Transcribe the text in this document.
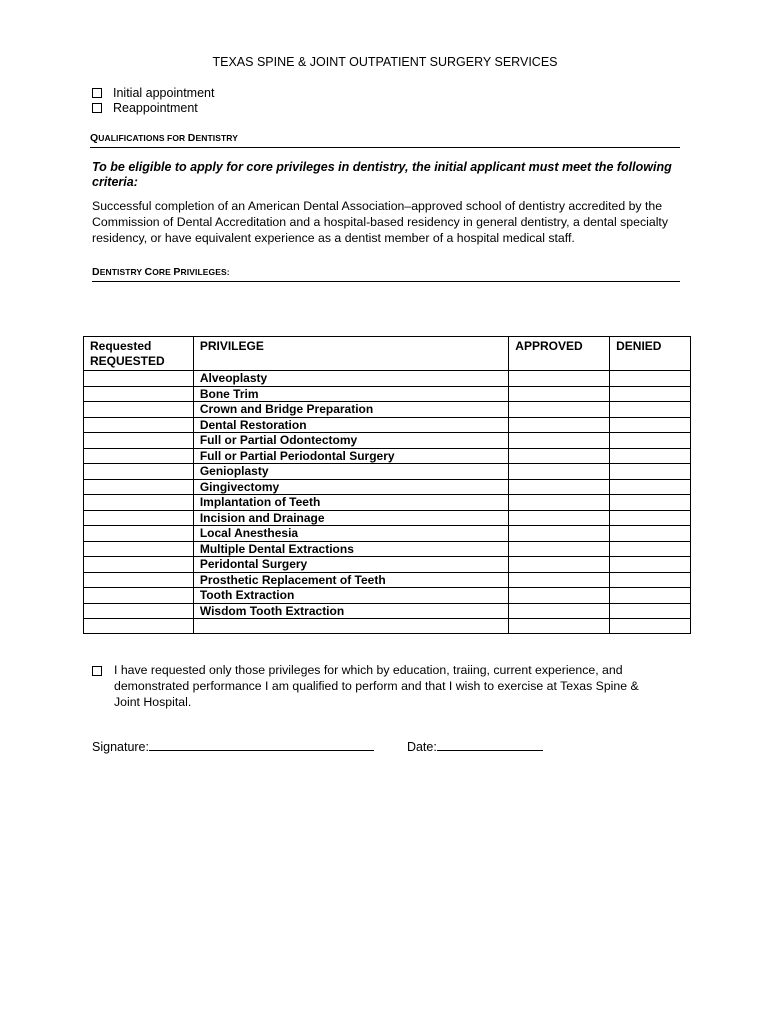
TEXAS SPINE & JOINT OUTPATIENT SURGERY SERVICES
Initial appointment
Reappointment
QUALIFICATIONS FOR DENTISTRY
To be eligible to apply for core privileges in dentistry, the initial applicant must meet the following criteria:
Successful completion of an American Dental Association–approved school of dentistry accredited by the Commission of Dental Accreditation and a hospital-based residency in general dentistry, a dental specialty residency, or have equivalent experience as a dentist member of a hospital medical staff.
DENTISTRY CORE PRIVILEGES:
Requested
REQUESTED	PRIVILEGE	APPROVED	DENIED
	Alveoplasty		
	Bone Trim		
	Crown and Bridge Preparation		
	Dental Restoration		
	Full or Partial Odontectomy		
	Full or Partial Periodontal Surgery		
	Genioplasty		
	Gingivectomy		
	Implantation of Teeth		
	Incision and Drainage		
	Local Anesthesia		
	Multiple Dental Extractions		
	Peridontal Surgery		
	Prosthetic Replacement of Teeth		
	Tooth Extraction		
	Wisdom Tooth Extraction		

I have requested only those privileges for which by education, traiing, current experience, and demonstrated performance I am qualified to perform and that I wish to exercise at Texas Spine & Joint Hospital.
Signature:	Date:
